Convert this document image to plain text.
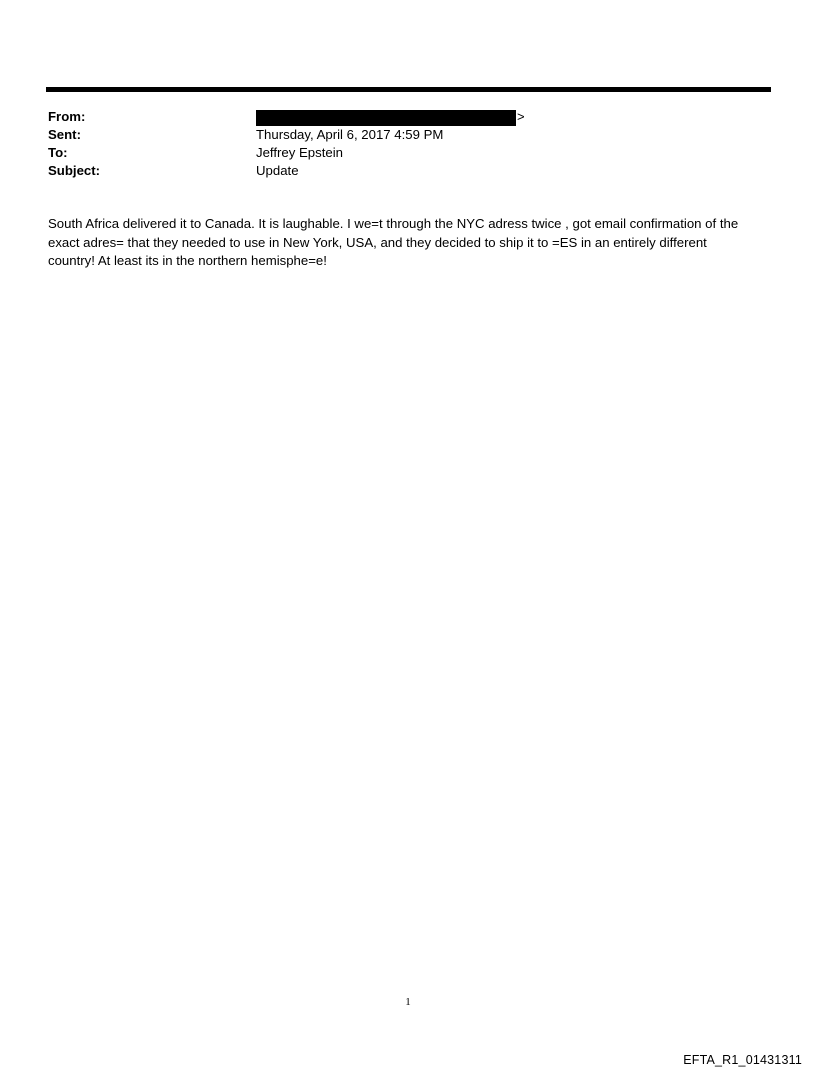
From:	>
Sent:	Thursday, April 6, 2017 4:59 PM
To:	Jeffrey Epstein
Subject:	Update
South Africa delivered it to Canada. It is laughable. I we=t through the NYC adress twice , got email confirmation of the
exact adres= that they needed to use in New York, USA, and they decided to ship it to =ES in an entirely different
country! At least its in the northern hemisphe=e!
1
EFTA_R1_01431311
